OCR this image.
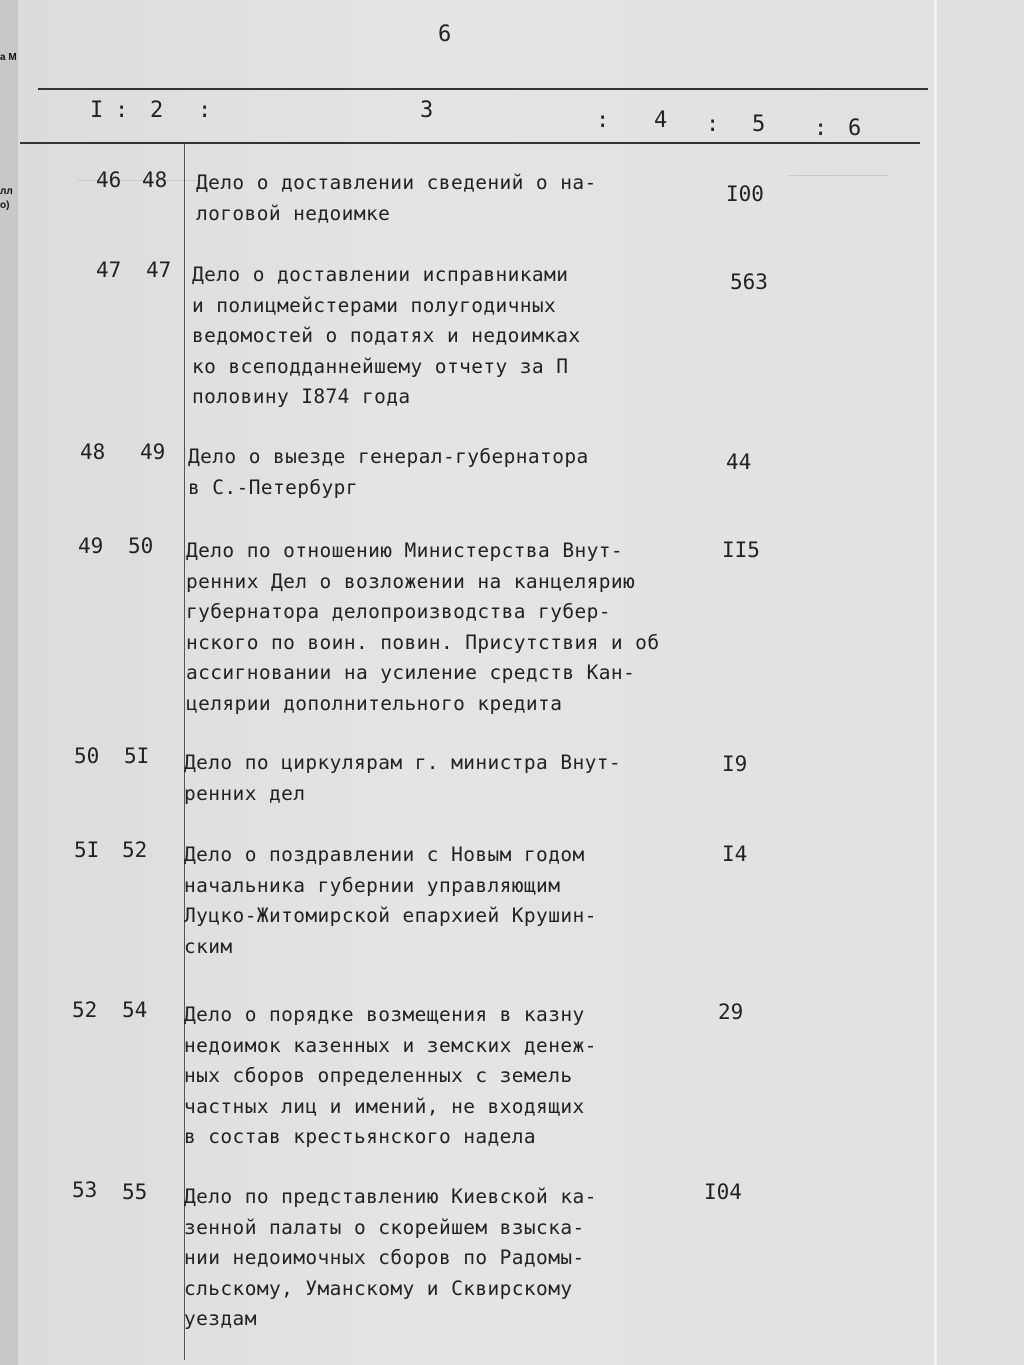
а М
лл
о)
6
I : 2 :	3	: 4 : 5 : 6
46 48 Дело о доставлении сведений о на-
логовой недоимке
I00
47 47 Дело о доставлении исправниками
и полицмейстерами полугодичных
ведомостей о податях и недоимках
ко всеподданнейшему отчету за П
половину I874 года
563
48 49 Дело о выезде генерал-губернатора
в С.-Петербург
44
49 50 Дело по отношению Министерства Внут-
ренних Дел о возложении на канцелярию
губернатора делопроизводства губер-
нского по воин. повин. Присутствия и об
ассигновании на усиление средств Кан-
целярии дополнительного кредита
II5
50 5I Дело по циркулярам г. министра Внут-
ренних дел
I9
5I 52 Дело о поздравлении с Новым годом
начальника губернии управляющим
Луцко-Житомирской епархией Крушин-
ским
I4
52 54 Дело о порядке возмещения в казну
недоимок казенных и земских денеж-
ных сборов определенных с земель
частных лиц и имений, не входящих
в состав крестьянского надела
29
53 55 Дело по представлению Киевской ка-
зенной палаты о скорейшем взыска-
нии недоимочных сборов по Радомы-
сльскому, Уманскому и Сквирскому
уездам
I04
